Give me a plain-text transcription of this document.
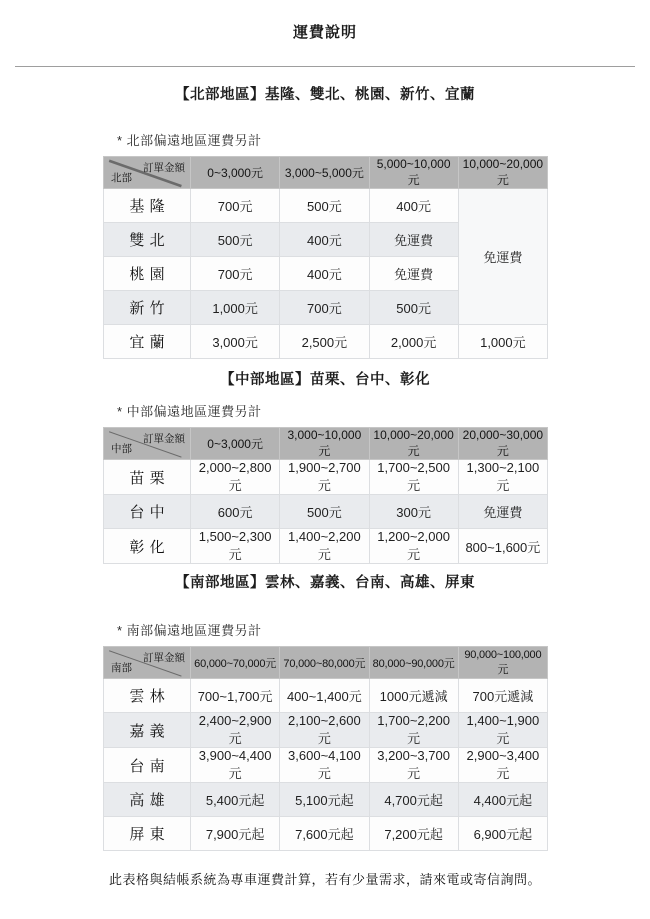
運費說明
【北部地區】基隆、雙北、桃園、新竹、宜蘭

* 北部偏遠地區運費另計

訂單金額
北部	0~3,000元	3,000~5,000元	5,000~10,000元	10,000~20,000元
基隆	700元	500元	400元	免運費
雙北	500元	400元	免運費	
桃園	700元	400元	免運費	
新竹	1,000元	700元	500元	
宜蘭	3,000元	2,500元	2,000元	1,000元
【中部地區】苗栗、台中、彰化

* 中部偏遠地區運費另計

訂單金額
中部	0~3,000元	3,000~10,000元	10,000~20,000元	20,000~30,000元
苗栗	2,000~2,800元	1,900~2,700元	1,700~2,500元	1,300~2,100元
台中	600元	500元	300元	免運費
彰化	1,500~2,300元	1,400~2,200元	1,200~2,000元	800~1,600元
【南部地區】雲林、嘉義、台南、高雄、屏東

* 南部偏遠地區運費另計

訂單金額
南部	60,000~70,000元	70,000~80,000元	80,000~90,000元	90,000~100,000元
雲林	700~1,700元	400~1,400元	1000元遞減	700元遞減
嘉義	2,400~2,900元	2,100~2,600元	1,700~2,200元	1,400~1,900元
台南	3,900~4,400元	3,600~4,100元	3,200~3,700元	2,900~3,400元
高雄	5,400元起	5,100元起	4,700元起	4,400元起
屏東	7,900元起	7,600元起	7,200元起	6,900元起

此表格與結帳系統為專車運費計算，若有少量需求，請來電或寄信詢問。
